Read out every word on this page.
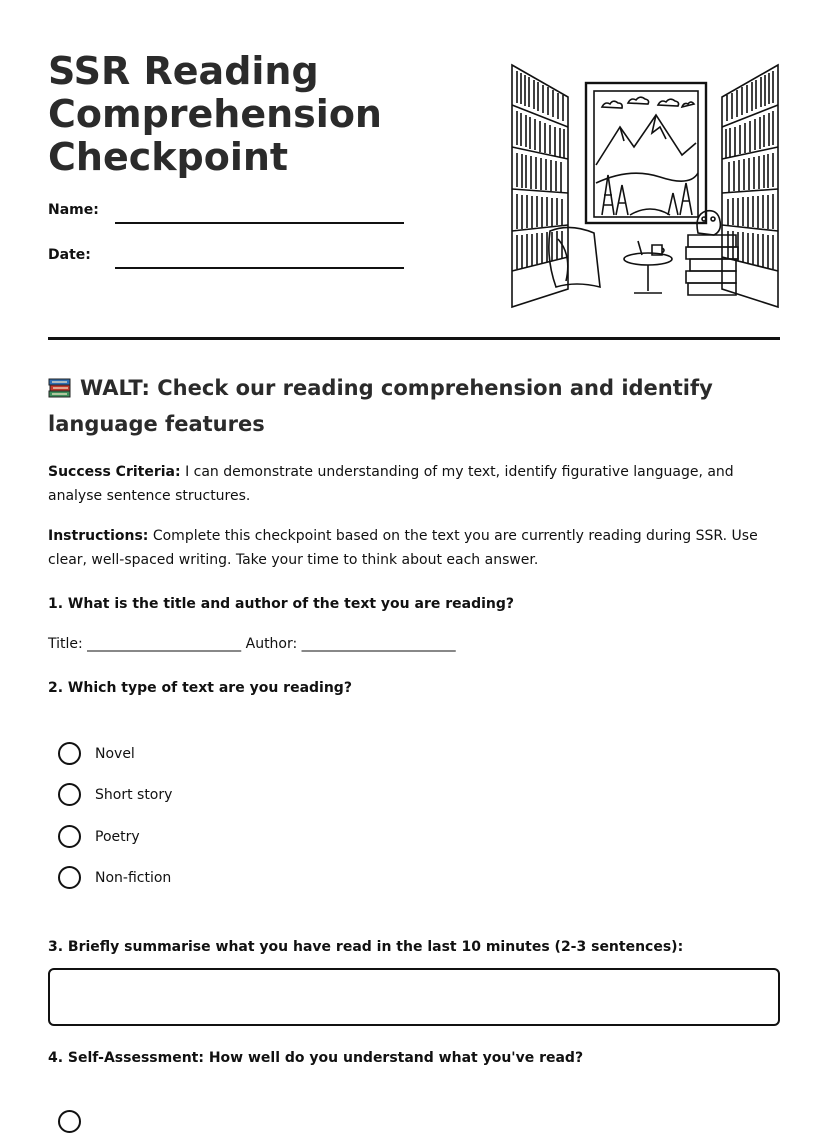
SSR Reading Comprehension Checkpoint
Name:
Date:
WALT: Check our reading comprehension and identify language features

Success Criteria: I can demonstrate understanding of my text, identify figurative language, and analyse sentence structures.

Instructions: Complete this checkpoint based on the text you are currently reading during SSR. Use clear, well-spaced writing. Take your time to think about each answer.

1. What is the title and author of the text you are reading?

Title: ______________________ Author: ______________________

2. Which type of text are you reading?

Novel
Short story
Poetry
Non-fiction

3. Briefly summarise what you have read in the last 10 minutes (2-3 sentences):

4. Self-Assessment: How well do you understand what you've read?
